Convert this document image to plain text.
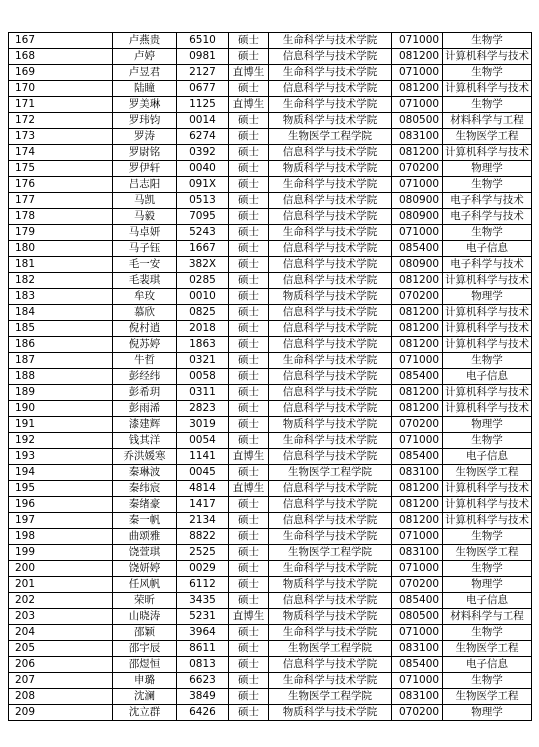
167	卢燕贵	6510	硕士	生命科学与技术学院	071000	生物学
168	卢婷	0981	硕士	信息科学与技术学院	081200	计算机科学与技术
169	卢昱君	2127	直博生	生命科学与技术学院	071000	生物学
170	陆瞳	0677	硕士	信息科学与技术学院	081200	计算机科学与技术
171	罗美琳	1125	直博生	生命科学与技术学院	071000	生物学
172	罗玮钧	0014	硕士	物质科学与技术学院	080500	材料科学与工程
173	罗涛	6274	硕士	生物医学工程学院	083100	生物医学工程
174	罗尉铭	0392	硕士	信息科学与技术学院	081200	计算机科学与技术
175	罗伊轩	0040	硕士	物质科学与技术学院	070200	物理学
176	吕志阳	091X	硕士	生命科学与技术学院	071000	生物学
177	马凯	0513	硕士	信息科学与技术学院	080900	电子科学与技术
178	马毅	7095	硕士	信息科学与技术学院	080900	电子科学与技术
179	马卓妍	5243	硕士	生命科学与技术学院	071000	生物学
180	马子钰	1667	硕士	信息科学与技术学院	085400	电子信息
181	毛一安	382X	硕士	信息科学与技术学院	080900	电子科学与技术
182	毛裴琪	0285	硕士	信息科学与技术学院	081200	计算机科学与技术
183	牟玫	0010	硕士	物质科学与技术学院	070200	物理学
184	慕欣	0825	硕士	信息科学与技术学院	081200	计算机科学与技术
185	倪村逍	2018	硕士	信息科学与技术学院	081200	计算机科学与技术
186	倪苏婷	1863	硕士	信息科学与技术学院	081200	计算机科学与技术
187	牛哲	0321	硕士	生命科学与技术学院	071000	生物学
188	彭经纬	0058	硕士	信息科学与技术学院	085400	电子信息
189	彭希玥	0311	硕士	信息科学与技术学院	081200	计算机科学与技术
190	彭雨浠	2823	硕士	信息科学与技术学院	081200	计算机科学与技术
191	漆建辉	3019	硕士	物质科学与技术学院	070200	物理学
192	钱其洋	0054	硕士	生命科学与技术学院	071000	生物学
193	乔洪媛寒	1141	直博生	信息科学与技术学院	085400	电子信息
194	秦琳波	0045	硕士	生物医学工程学院	083100	生物医学工程
195	秦纬宸	4814	直博生	信息科学与技术学院	081200	计算机科学与技术
196	秦绪豪	1417	硕士	信息科学与技术学院	081200	计算机科学与技术
197	秦一帆	2134	硕士	信息科学与技术学院	081200	计算机科学与技术
198	曲颂雅	8822	硕士	生命科学与技术学院	071000	生物学
199	饶萱琪	2525	硕士	生物医学工程学院	083100	生物医学工程
200	饶妍婷	0029	硕士	生命科学与技术学院	071000	生物学
201	任风帆	6112	硕士	物质科学与技术学院	070200	物理学
202	荣昕	3435	硕士	信息科学与技术学院	085400	电子信息
203	山晓涛	5231	直博生	物质科学与技术学院	080500	材料科学与工程
204	邵颖	3964	硕士	生命科学与技术学院	071000	生物学
205	邵宇辰	8611	硕士	生物医学工程学院	083100	生物医学工程
206	邵煜恒	0813	硕士	信息科学与技术学院	085400	电子信息
207	申璐	6623	硕士	生命科学与技术学院	071000	生物学
208	沈澜	3849	硕士	生物医学工程学院	083100	生物医学工程
209	沈立群	6426	硕士	物质科学与技术学院	070200	物理学
